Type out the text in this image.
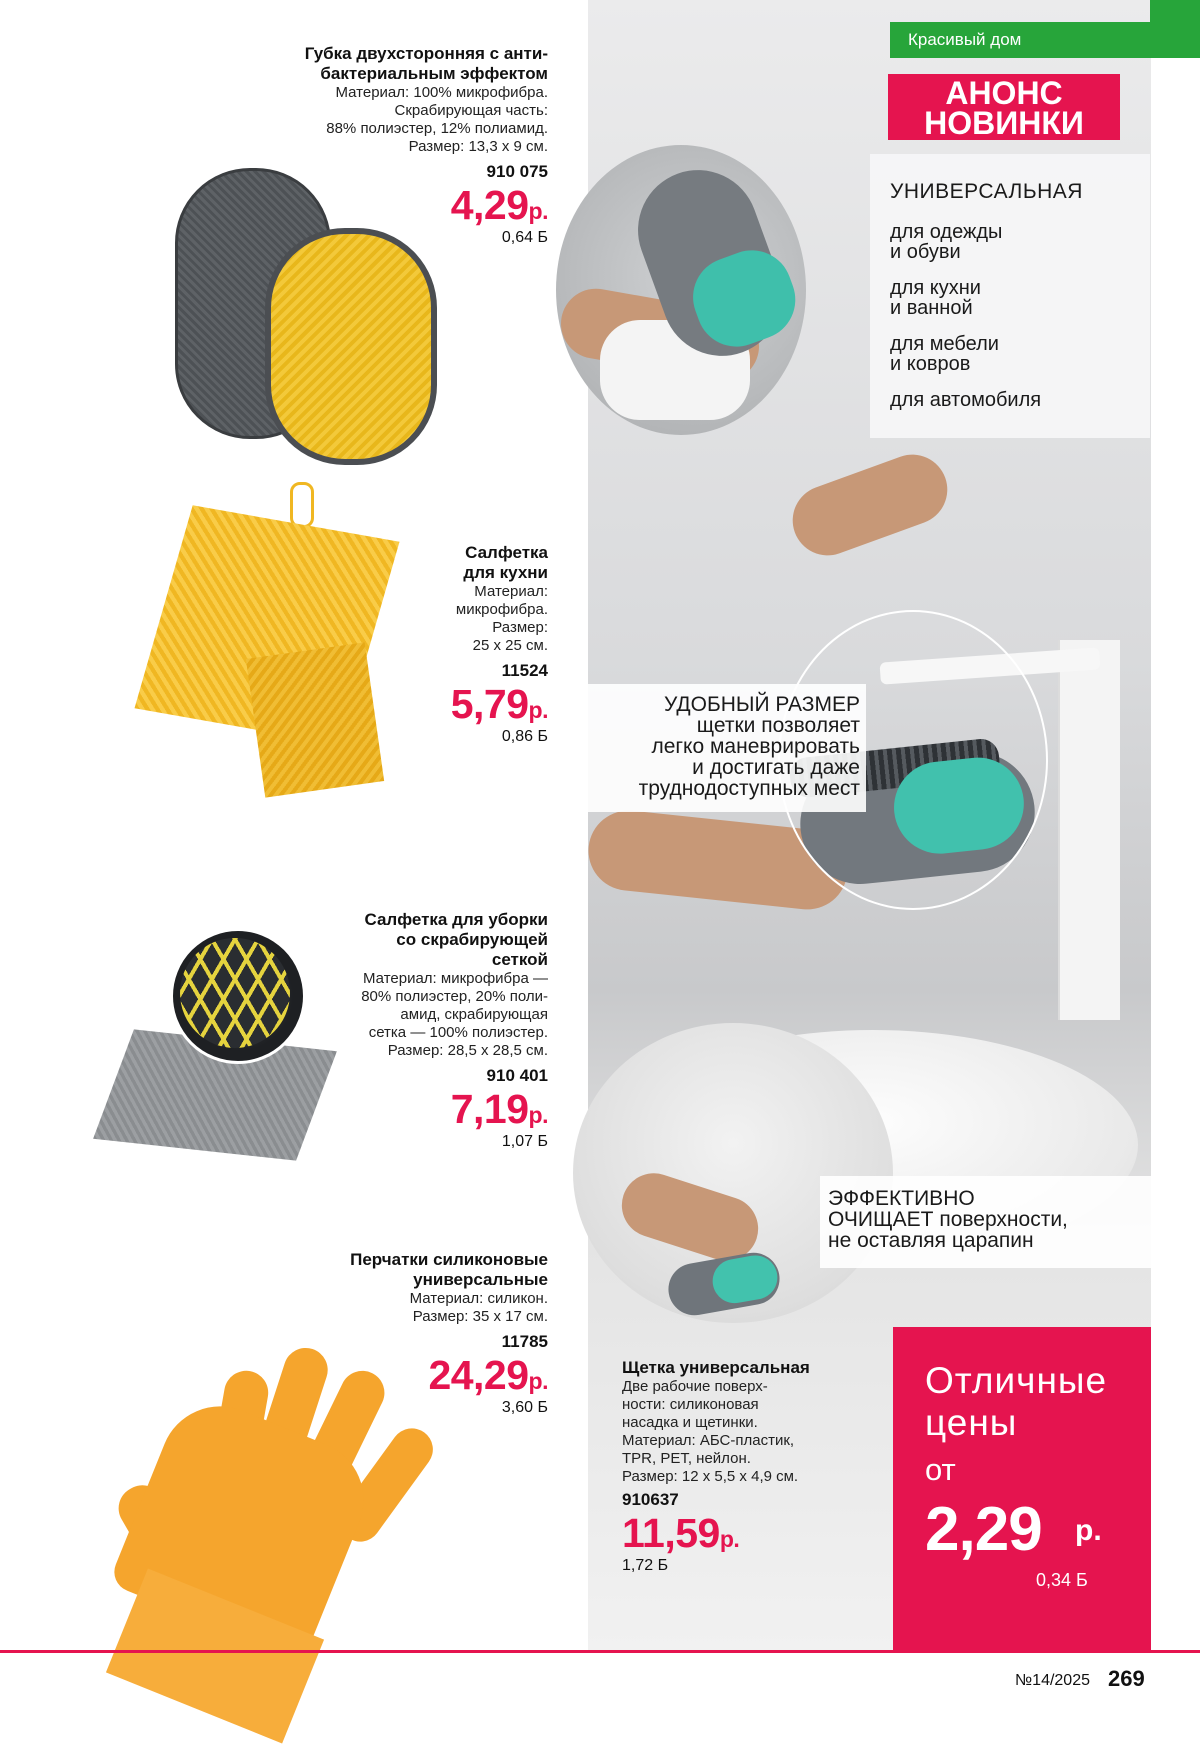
Красивый дом
АНОНС
НОВИНКИ
УНИВЕРСАЛЬНАЯ
для одежды
и обуви
для кухни
и ванной
для мебели
и ковров
для автомобиля
УДОБНЫЙ РАЗМЕР
щетки позволяет
легко маневрировать
и достигать даже
труднодоступных мест
ЭФФЕКТИВНО
ОЧИЩАЕТ поверхности,
не оставляя царапин
Отличные
цены
от
2,29 р.
0,34 Б
Губка двухсторонняя с анти-
бактериальным эффектом
Материал: 100% микрофибра.
Скрабирующая часть:
88% полиэстер, 12% полиамид.
Размер: 13,3 х 9 см.
910 075
4,29р.
0,64 Б
Салфетка
для кухни
Материал:
микрофибра.
Размер:
25 х 25 см.
11524
5,79р.
0,86 Б
Салфетка для уборки
со скрабирующей
сеткой
Материал: микрофибра —
80% полиэстер, 20% поли-
амид, скрабирующая
сетка — 100% полиэстер.
Размер: 28,5 х 28,5 см.
910 401
7,19р.
1,07 Б
Перчатки силиконовые
универсальные
Материал: силикон.
Размер: 35 х 17 см.
11785
24,29р.
3,60 Б
Щетка универсальная
Две рабочие поверх-
ности: силиконовая
насадка и щетинки.
Материал: АБС-пластик,
TPR, PET, нейлон.
Размер: 12 х 5,5 х 4,9 см.
910637
11,59р.
1,72 Б
№14/2025 269
